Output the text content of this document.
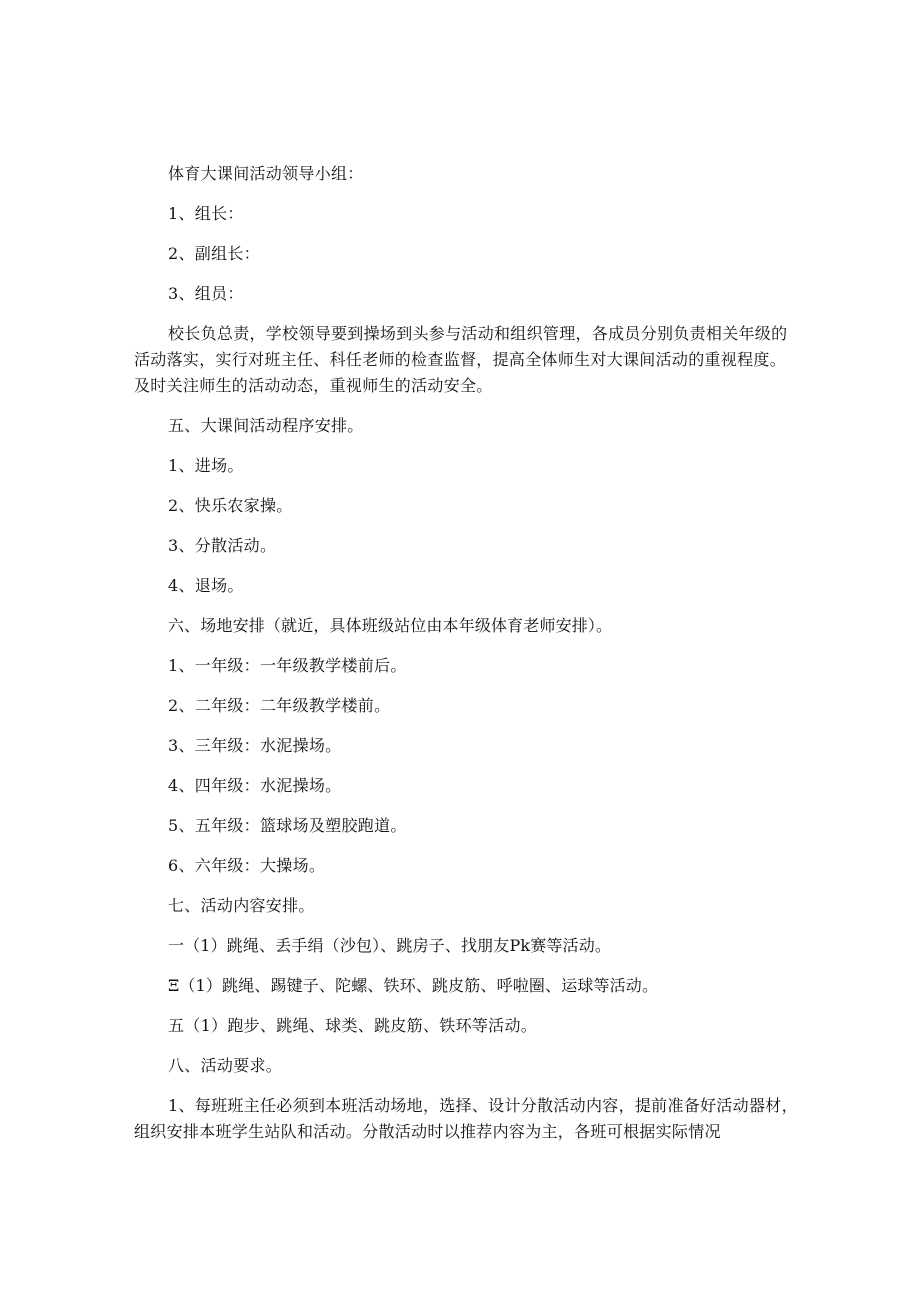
体育大课间活动领导小组：

1、组长：

2、副组长：

3、组员：

校长负总责，学校领导要到操场到头参与活动和组织管理，各成员分别负责相关年级的活动落实，实行对班主任、科任老师的检查监督，提高全体师生对大课间活动的重视程度。及时关注师生的活动动态，重视师生的活动安全。

五、大课间活动程序安排。

1、进场。

2、快乐农家操。

3、分散活动。

4、退场。

六、场地安排（就近，具体班级站位由本年级体育老师安排）。

1、一年级：一年级教学楼前后。

2、二年级：二年级教学楼前。

3、三年级：水泥操场。

4、四年级：水泥操场。

5、五年级：篮球场及塑胶跑道。

6、六年级：大操场。

七、活动内容安排。

一（1）跳绳、丢手绢（沙包）、跳房子、找朋友Pk赛等活动。

Ξ（1）跳绳、踢键子、陀螺、铁环、跳皮筋、呼啦圈、运球等活动。

五（1）跑步、跳绳、球类、跳皮筋、铁环等活动。

八、活动要求。

1、每班班主任必须到本班活动场地，选择、设计分散活动内容，提前准备好活动器材，组织安排本班学生站队和活动。分散活动时以推荐内容为主，各班可根据实际情况
